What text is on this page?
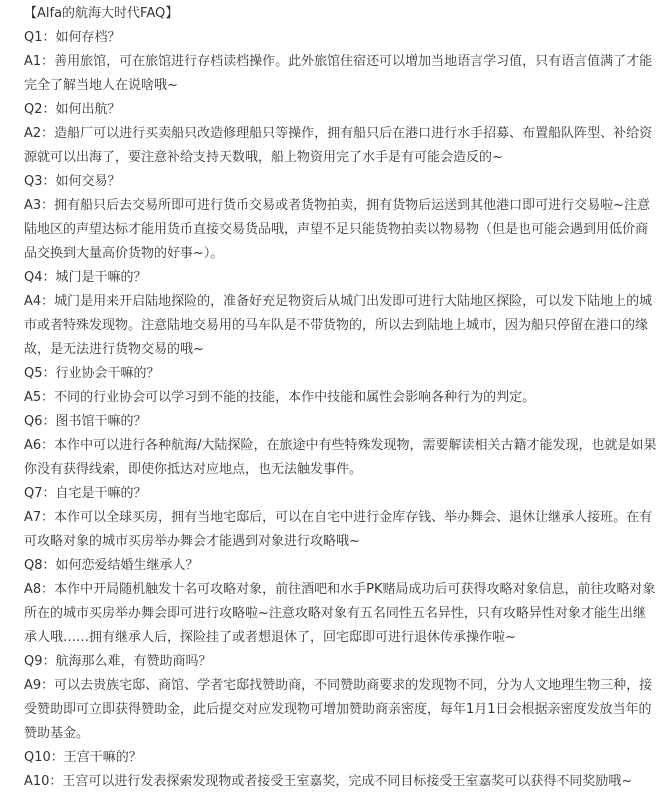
【Alfa的航海大时代FAQ】
Q1：如何存档？
A1：善用旅馆，可在旅馆进行存档读档操作。此外旅馆住宿还可以增加当地语言学习值，只有语言值满了才能完全了解当地人在说啥哦~
Q2：如何出航？
A2：造船厂可以进行买卖船只改造修理船只等操作，拥有船只后在港口进行水手招募、布置船队阵型、补给资源就可以出海了，要注意补给支持天数哦，船上物资用完了水手是有可能会造反的~
Q3：如何交易？
A3：拥有船只后去交易所即可进行货币交易或者货物拍卖，拥有货物后运送到其他港口即可进行交易啦~注意陆地区的声望达标才能用货币直接交易货品哦，声望不足只能货物拍卖以物易物（但是也可能会遇到用低价商品交换到大量高价货物的好事~）。
Q4：城门是干嘛的？
A4：城门是用来开启陆地探险的，准备好充足物资后从城门出发即可进行大陆地区探险，可以发下陆地上的城市或者特殊发现物。注意陆地交易用的马车队是不带货物的，所以去到陆地上城市，因为船只停留在港口的缘故，是无法进行货物交易的哦~
Q5：行业协会干嘛的？
A5：不同的行业协会可以学习到不能的技能，本作中技能和属性会影响各种行为的判定。
Q6：图书馆干嘛的？
A6：本作中可以进行各种航海/大陆探险，在旅途中有些特殊发现物，需要解读相关古籍才能发现，也就是如果你没有获得线索，即使你抵达对应地点，也无法触发事件。
Q7：自宅是干嘛的？
A7：本作可以全球买房，拥有当地宅邸后，可以在自宅中进行金库存钱、举办舞会、退休让继承人接班。在有可攻略对象的城市买房举办舞会才能遇到对象进行攻略哦~
Q8：如何恋爱结婚生继承人？
A8：本作中开局随机触发十名可攻略对象，前往酒吧和水手PK赌局成功后可获得攻略对象信息，前往攻略对象所在的城市买房举办舞会即可进行攻略啦~注意攻略对象有五名同性五名异性，只有攻略异性对象才能生出继承人哦……拥有继承人后，探险挂了或者想退休了，回宅邸即可进行退休传承操作啦~
Q9：航海那么难，有赞助商吗？
A9：可以去贵族宅邸、商馆、学者宅邸找赞助商，不同赞助商要求的发现物不同，分为人文地理生物三种，接受赞助即可立即获得赞助金，此后提交对应发现物可增加赞助商亲密度，每年1月1日会根据亲密度发放当年的赞助基金。
Q10：王宫干嘛的？
A10：王宫可以进行发表探索发现物或者接受王室嘉奖，完成不同目标接受王室嘉奖可以获得不同奖励哦~
